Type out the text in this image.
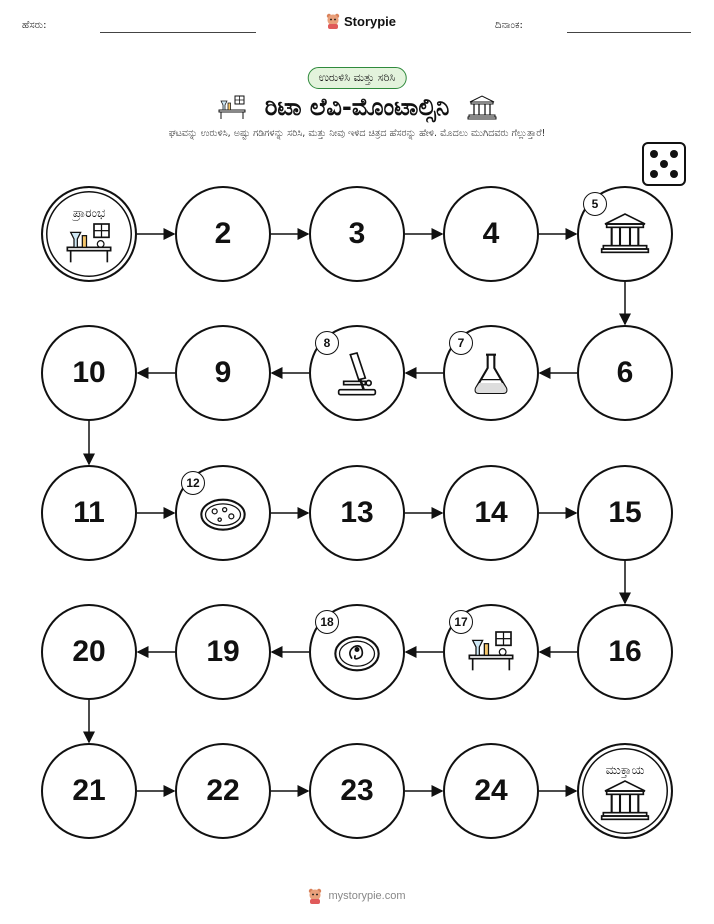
ಹೆಸರು:	Storypie	ದಿನಾಂಕ:
ಉರುಳಿಸಿ ಮತ್ತು ಸರಿಸಿ
ರಿಟಾ ಲೆವಿ-ಮೊಂಟಾಲ್ಸಿನಿ
ಘಟವನ್ನು ಉರುಳಿಸಿ, ಅಷ್ಟು ಗಡಿಗಳನ್ನು ಸರಿಸಿ, ಮತ್ತು ನೀವು ಇಳಿದ ಚಿತ್ರದ ಹೆಸರನ್ನು ಹೇಳಿ. ಮೊದಲು ಮುಗಿದವರು ಗೆಲ್ಲುತ್ತಾರೆ!
ಪ್ರಾರಂಭ
2	3	4
5
6
7
8
9
10
11
12
13	14	15
16
17
18
19
20
21	22	23	24
ಮುಕ್ತಾಯ
mystorypie.com
